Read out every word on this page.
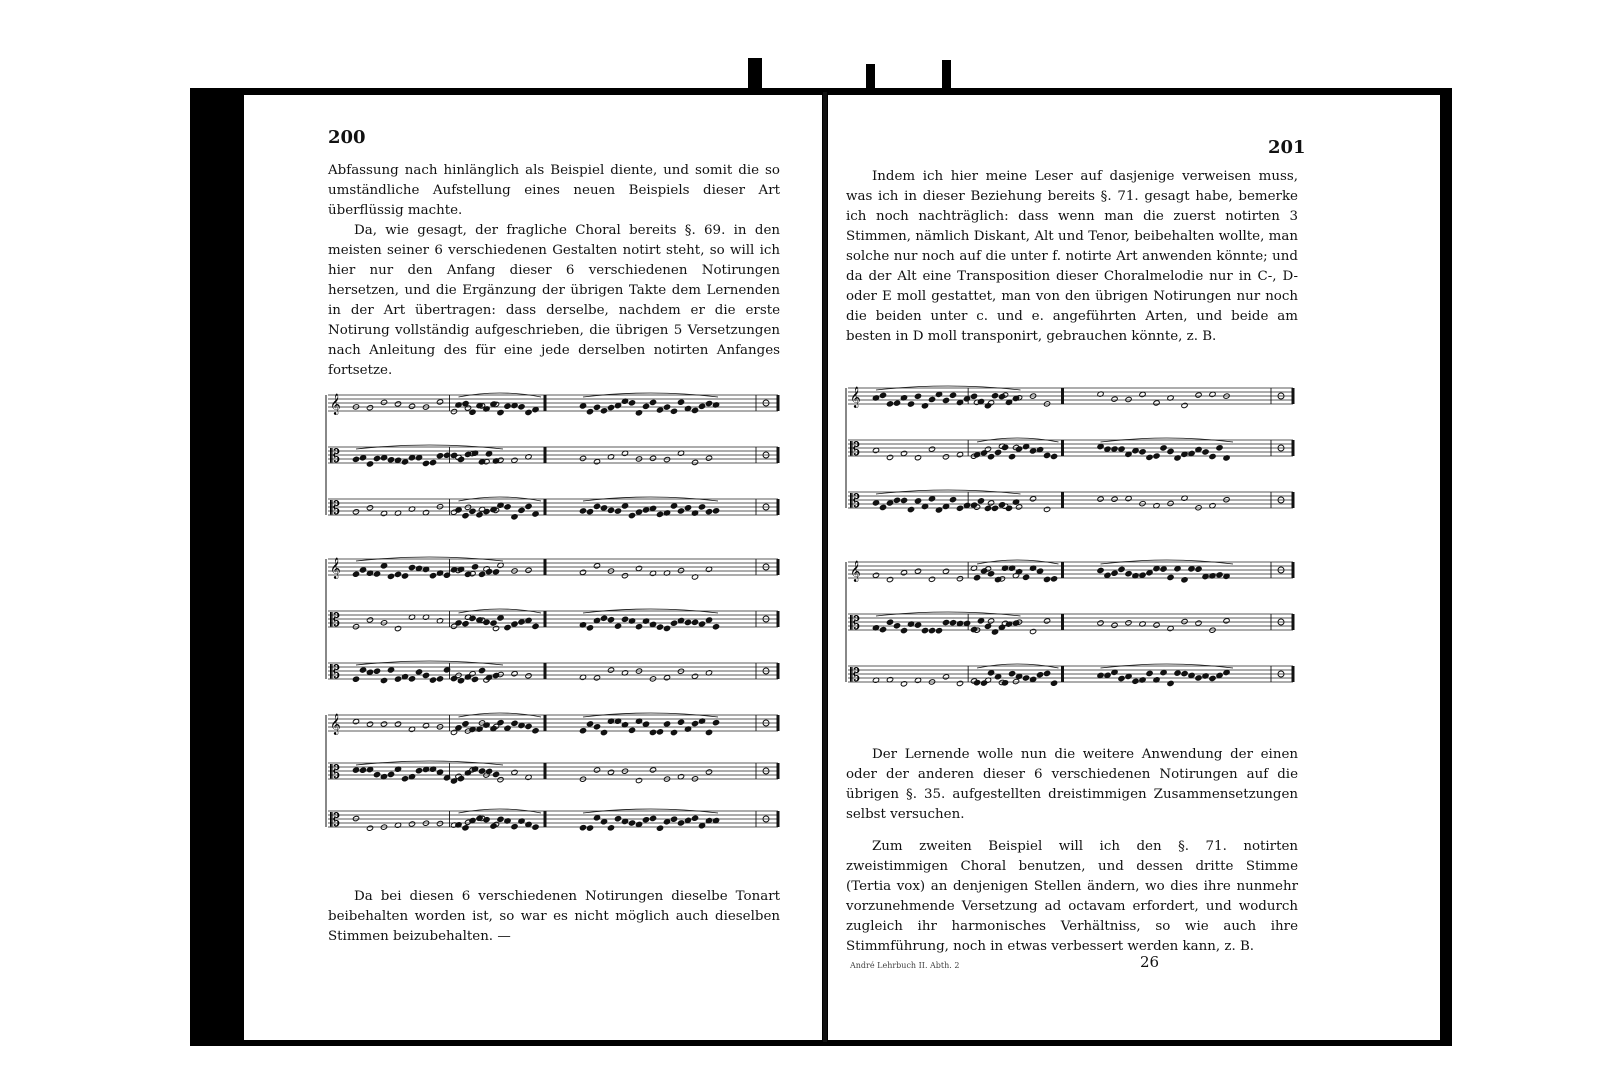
200

Abfassung nach hinlänglich als Beispiel diente, und somit die so umständliche Aufstellung eines neuen Beispiels dieser Art überflüssig machte.

Da, wie gesagt, der fragliche Choral bereits §. 69. in den meisten seiner 6 verschiedenen Gestalten notirt steht, so will ich hier nur den Anfang dieser 6 verschiedenen Notirungen hersetzen, und die Ergänzung der übrigen Takte dem Lernenden in der Art übertragen: dass derselbe, nachdem er die erste Notirung vollständig aufgeschrieben, die übrigen 5 Versetzungen nach Anleitung des für eine jede derselben notirten Anfanges fortsetze.

𝄞
𝄡
𝄡
𝄞
𝄡
𝄡
𝄞
𝄡
𝄡

Da bei diesen 6 verschiedenen Notirungen dieselbe Tonart beibehalten worden ist, so war es nicht möglich auch dieselben Stimmen beizubehalten. —

201

Indem ich hier meine Leser auf dasjenige verweisen muss, was ich in dieser Beziehung bereits §. 71. gesagt habe, bemerke ich noch nachträglich: dass wenn man die zuerst notirten 3 Stimmen, nämlich Diskant, Alt und Tenor, beibehalten wollte, man solche nur noch auf die unter f. notirte Art anwenden könnte; und da der Alt eine Transposition dieser Choralmelodie nur in C-, D- oder E moll gestattet, man von den übrigen Notirungen nur noch die beiden unter c. und e. angeführten Arten, und beide am besten in D moll transponirt, gebrauchen könnte, z. B.

𝄞
𝄡
𝄡
𝄞
𝄡
𝄡

Der Lernende wolle nun die weitere Anwendung der einen oder der anderen dieser 6 verschiedenen Notirungen auf die übrigen §. 35. aufgestellten dreistimmigen Zusammensetzungen selbst versuchen.

Zum zweiten Beispiel will ich den §. 71. notirten zweistimmigen Choral benutzen, und dessen dritte Stimme (Tertia vox) an denjenigen Stellen ändern, wo dies ihre nunmehr vorzunehmende Versetzung ad octavam erfordert, und wodurch zugleich ihr harmonisches Verhältniss, so wie auch ihre Stimmführung, noch in etwas verbessert werden kann, z. B.

André Lehrbuch II. Abth. 2	26
